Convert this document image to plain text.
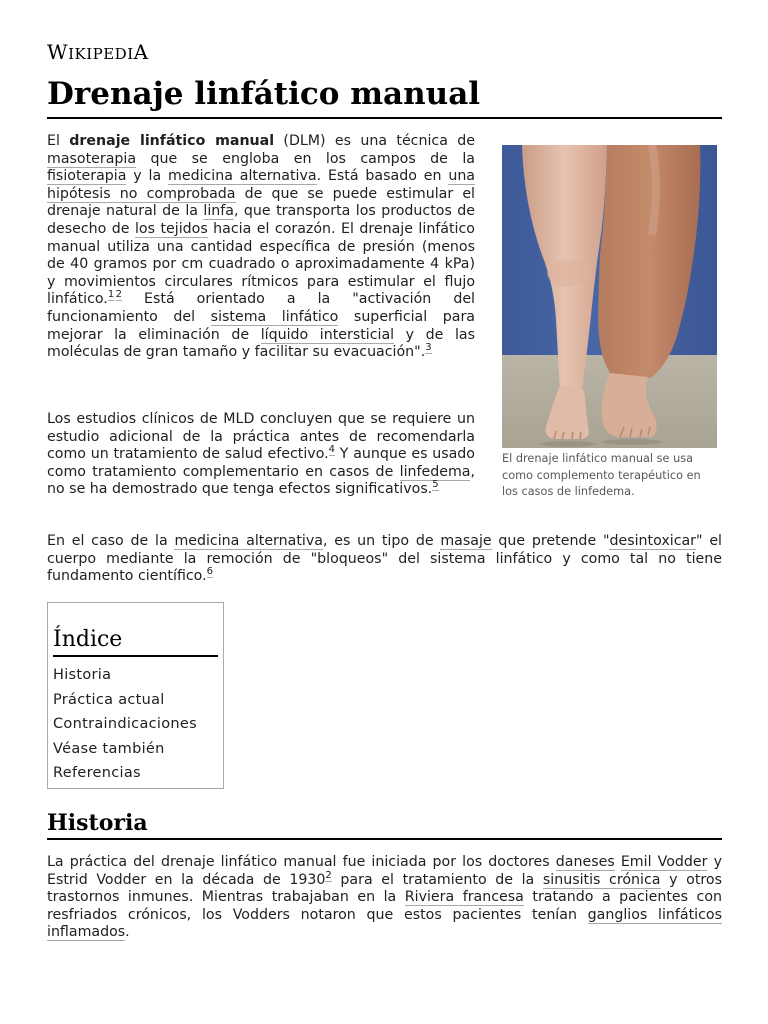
WIKIPEDIA
Drenaje linfático manual

El drenaje linfático manual (DLM) es una técnica de masoterapia que se engloba en los campos de la fisioterapia y la medicina alternativa. Está basado en una hipótesis no comprobada de que se puede estimular el drenaje natural de la linfa, que transporta los productos de desecho de los tejidos hacia el corazón. El drenaje linfático manual utiliza una cantidad específica de presión (menos de 40 gramos por cm cuadrado o aproximadamente 4 kPa) y movimientos circulares rítmicos para estimular el flujo linfático.$^1$ $^2$ Está orientado a la "activación del funcionamiento del sistema linfático superficial para mejorar la eliminación de líquido intersticial y de las moléculas de gran tamaño y facilitar su evacuación".$^3$

Los estudios clínicos de MLD concluyen que se requiere un estudio adicional de la práctica antes de recomendarla como un tratamiento de salud efectivo.$^4$ Y aunque es usado como tratamiento complementario en casos de linfedema, no se ha demostrado que tenga efectos significativos.$^5$

El drenaje linfático manual se usa como complemento terapéutico en los casos de linfedema.

En el caso de la medicina alternativa, es un tipo de masaje que pretende "desintoxicar" el cuerpo mediante la remoción de "bloqueos" del sistema linfático y como tal no tiene fundamento científico.$^6$

Índice
Historia
Práctica actual
Contraindicaciones
Véase también
Referencias
Historia

La práctica del drenaje linfático manual fue iniciada por los doctores daneses Emil Vodder y Estrid Vodder en la década de 1930$^2$ para el tratamiento de la sinusitis crónica y otros trastornos inmunes. Mientras trabajaban en la Riviera francesa tratando a pacientes con resfriados crónicos, los Vodders notaron que estos pacientes tenían ganglios linfáticos inflamados.
